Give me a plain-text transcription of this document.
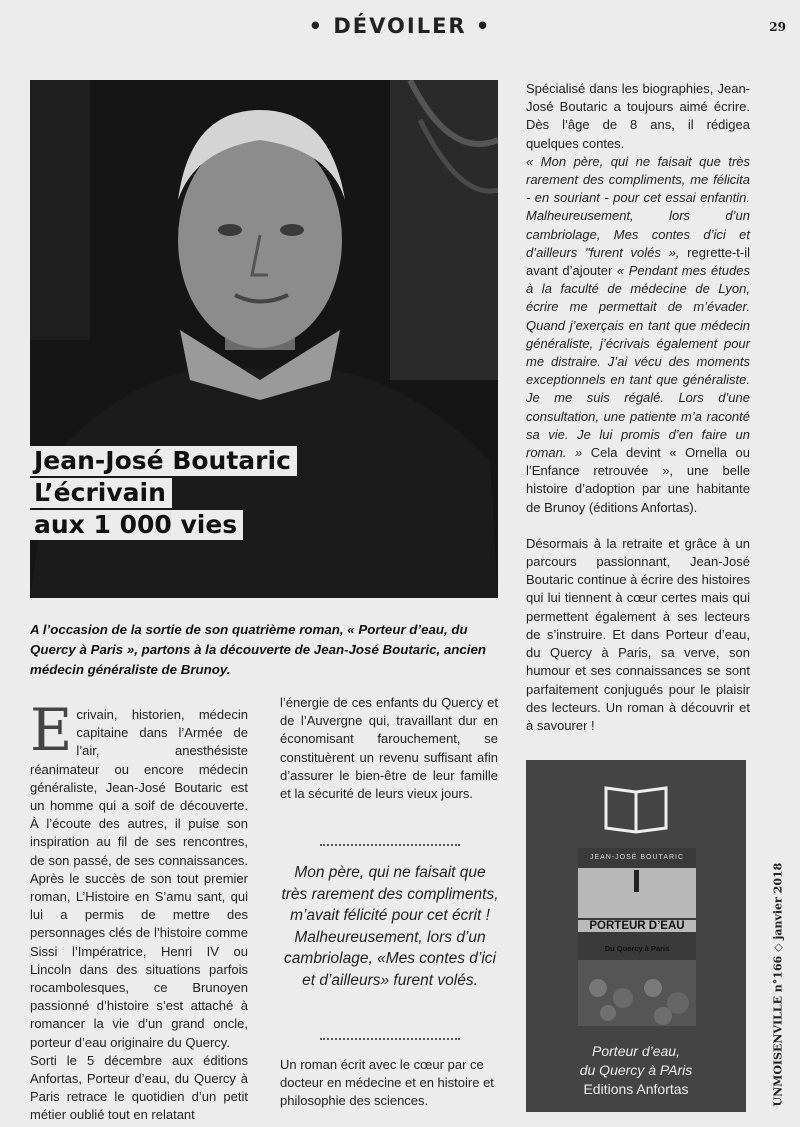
• DÉVOILER •	29
Jean-José Boutaric
L’écrivain
aux 1 000 vies
A l’occasion de la sortie de son quatrième roman, « Porteur d’eau, du Quercy à Paris », partons à la découverte de Jean-José Boutaric, ancien médecin généraliste de Brunoy.
Ecrivain, historien, médecin capitaine dans l’Armée de l’air, anesthésiste réanimateur ou encore médecin généraliste, Jean-José Boutaric est un homme qui a soif de découverte. À l’écoute des autres, il puise son inspiration au fil de ses rencontres, de son passé, de ses connaissances. Après le succès de son tout premier roman, L’Histoire en S’amu sant, qui lui a permis de mettre des personnages clés de l’histoire comme Sissi l’Impératrice, Henri IV ou Lincoln dans des situations parfois rocambolesques, ce Brunoyen passionné d’histoire s’est attaché à romancer la vie d’un grand oncle, porteur d’eau originaire du Quercy.
Sorti le 5 décembre aux éditions Anfortas, Porteur d’eau, du Quercy à Paris retrace le quotidien d’un petit métier oublié tout en relatant
l’énergie de ces enfants du Quercy et de l’Auvergne qui, travaillant dur en économisant farouchement, se constituèrent un revenu suffisant afin d’assurer le bien-être de leur famille et la sécurité de leurs vieux jours.
Mon père, qui ne faisait que très rarement des compliments, m’avait félicité pour cet écrit ! Malheureusement, lors d’un cambriolage, «Mes contes d’ici et d’ailleurs» furent volés.
Un roman écrit avec le cœur par ce docteur en médecine et en histoire et philosophie des sciences.
Spécialisé dans les biographies, Jean-José Boutaric a toujours aimé écrire. Dès l’âge de 8 ans, il rédigea quelques contes.
« Mon père, qui ne faisait que très rarement des compliments, me félicita - en souriant - pour cet essai enfantin. Malheureusement, lors d’un cambriolage, Mes contes d’ici et d’ailleurs "furent volés », regrette-t-il avant d’ajouter « Pendant mes études à la faculté de médecine de Lyon, écrire me permettait de m’évader. Quand j’exerçais en tant que médecin généraliste, j’écrivais également pour me distraire. J’ai vécu des moments exceptionnels en tant que généraliste. Je me suis régalé. Lors d’une consultation, une patiente m’a raconté sa vie. Je lui promis d’en faire un roman. » Cela devint « Ornella ou l’Enfance retrouvée », une belle histoire d’adoption par une habitante de Brunoy (éditions Anfortas).
Désormais à la retraite et grâce à un parcours passionnant, Jean-José Boutaric continue à écrire des histoires qui lui tiennent à cœur certes mais qui permettent également à ses lecteurs de s’instruire. Et dans Porteur d’eau, du Quercy à Paris, sa verve, son humour et ses connaissances se sont parfaitement conjugués pour le plaisir des lecteurs. Un roman à découvrir et à savourer !
JEAN-JOSÉ BOUTARIC
PORTEUR D’EAU
Du Quercy à Paris
Porteur d’eau,
du Quercy à PAris
Editions Anfortas	UNMOISENVILLE n°166 ◇ janvier 2018
